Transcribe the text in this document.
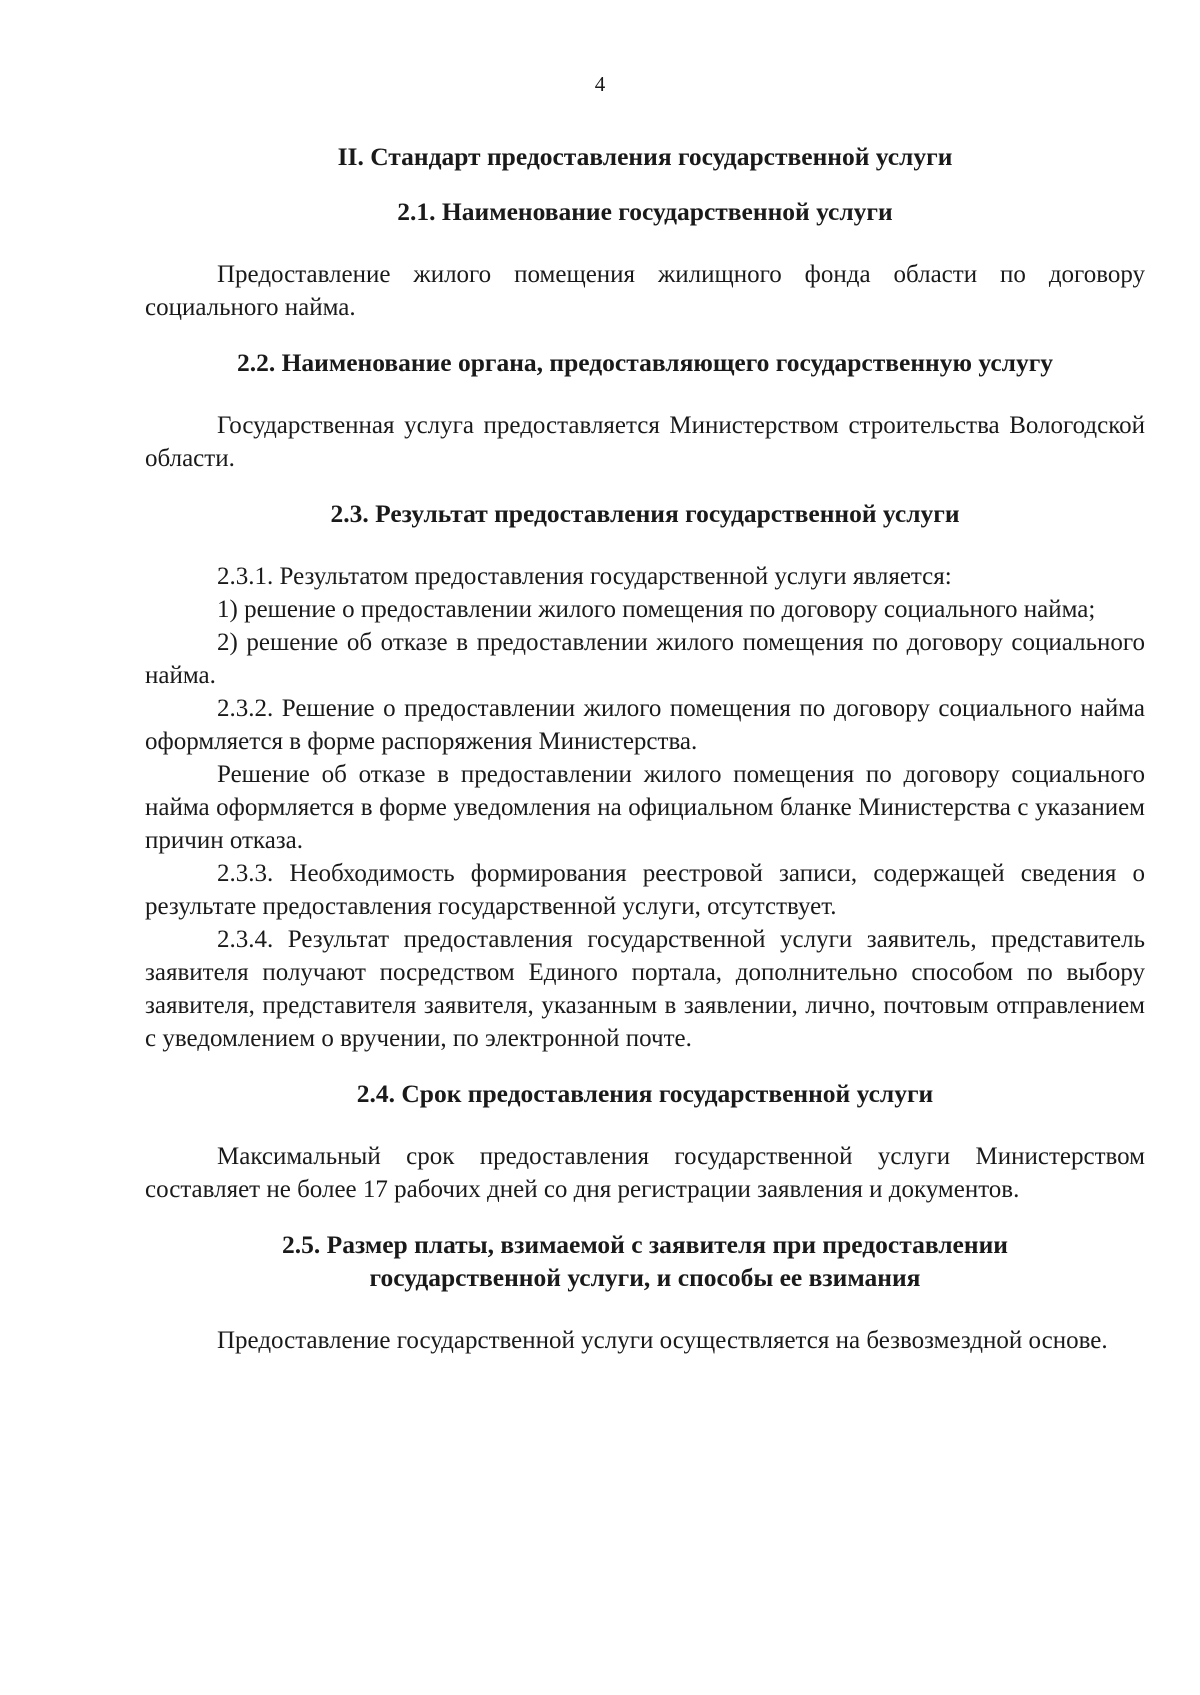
4
II. Стандарт предоставления государственной услуги
2.1. Наименование государственной услуги

Предоставление жилого помещения жилищного фонда области по договору социального найма.

2.2. Наименование органа, предоставляющего государственную услугу

Государственная услуга предоставляется Министерством строительства Вологодской области.

2.3. Результат предоставления государственной услуги

2.3.1. Результатом предоставления государственной услуги является:

1) решение о предоставлении жилого помещения по договору социального найма;

2) решение об отказе в предоставлении жилого помещения по договору социального найма.

2.3.2. Решение о предоставлении жилого помещения по договору социального найма оформляется в форме распоряжения Министерства.

Решение об отказе в предоставлении жилого помещения по договору социального найма оформляется в форме уведомления на официальном бланке Министерства с указанием причин отказа.

2.3.3. Необходимость формирования реестровой записи, содержащей сведения о результате предоставления государственной услуги, отсутствует.

2.3.4. Результат предоставления государственной услуги заявитель, представитель заявителя получают посредством Единого портала, дополнительно способом по выбору заявителя, представителя заявителя, указанным в заявлении, лично, почтовым отправлением с уведомлением о вручении, по электронной почте.

2.4. Срок предоставления государственной услуги

Максимальный срок предоставления государственной услуги Министерством составляет не более 17 рабочих дней со дня регистрации заявления и документов.

2.5. Размер платы, взимаемой с заявителя при предоставлении
государственной услуги, и способы ее взимания

Предоставление государственной услуги осуществляется на безвозмездной основе.
